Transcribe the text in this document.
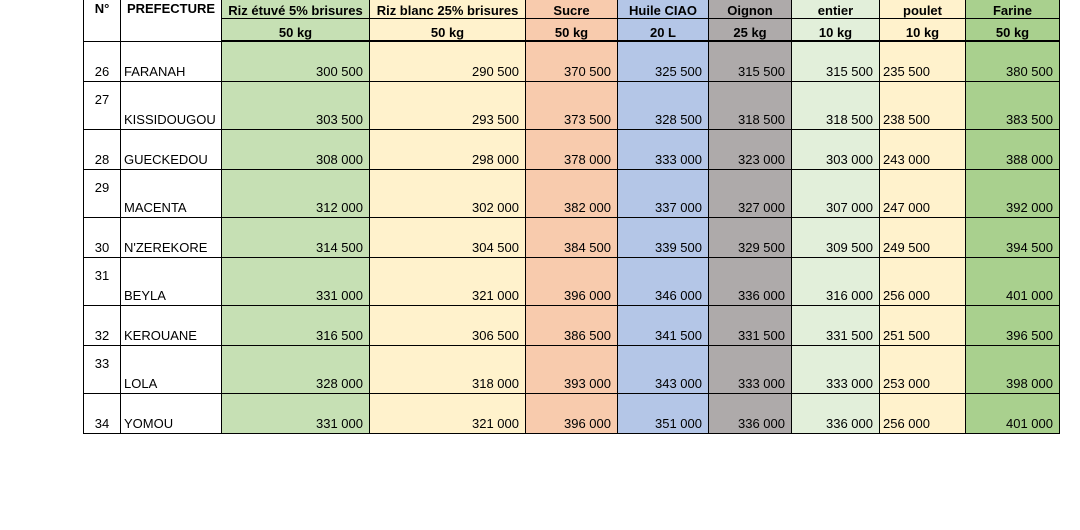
N°	PREFECTURE	Riz étuvé 5% brisures	Riz blanc 25% brisures	Sucre	Huile CIAO	Oignon	entier	poulet	Farine
		50 kg	50 kg	50 kg	20 L	25 kg	10 kg	10 kg	50 kg
26	FARANAH	300 500	290 500	370 500	325 500	315 500	315 500	235 500	380 500
27	KISSIDOUGOU	303 500	293 500	373 500	328 500	318 500	318 500	238 500	383 500
28	GUECKEDOU	308 000	298 000	378 000	333 000	323 000	303 000	243 000	388 000
29	MACENTA	312 000	302 000	382 000	337 000	327 000	307 000	247 000	392 000
30	N'ZEREKORE	314 500	304 500	384 500	339 500	329 500	309 500	249 500	394 500
31	BEYLA	331 000	321 000	396 000	346 000	336 000	316 000	256 000	401 000
32	KEROUANE	316 500	306 500	386 500	341 500	331 500	331 500	251 500	396 500
33	LOLA	328 000	318 000	393 000	343 000	333 000	333 000	253 000	398 000
34	YOMOU	331 000	321 000	396 000	351 000	336 000	336 000	256 000	401 000
